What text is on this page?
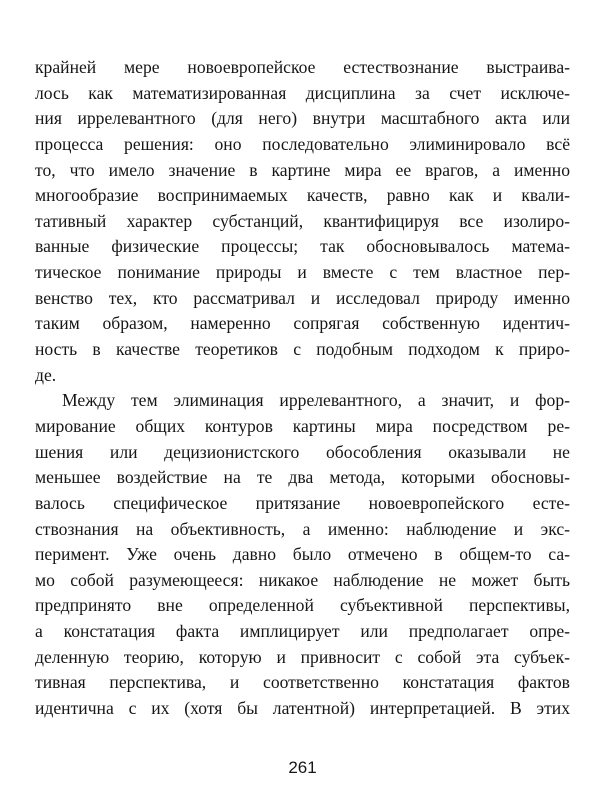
крайней мере новоевропейское естествознание выстраива-
лось как математизированная дисциплина за счет исключе-
ния иррелевантного (для него) внутри масштабного акта или
процесса решения: оно последовательно элиминировало всё
то, что имело значение в картине мира ее врагов, а именно
многообразие воспринимаемых качеств, равно как и квали-
тативный характер субстанций, квантифицируя все изолиро-
ванные физические процессы; так обосновывалось матема-
тическое понимание природы и вместе с тем властное пер-
венство тех, кто рассматривал и исследовал природу именно
таким образом, намеренно сопрягая собственную идентич-
ность в качестве теоретиков с подобным подходом к приро-
де.
Между тем элиминация иррелевантного, а значит, и фор-
мирование общих контуров картины мира посредством ре-
шения или децизионистского обособления оказывали не
меньшее воздействие на те два метода, которыми обосновы-
валось специфическое притязание новоевропейского есте-
ствознания на объективность, а именно: наблюдение и экс-
перимент. Уже очень давно было отмечено в общем-то са-
мо собой разумеющееся: никакое наблюдение не может быть
предпринято вне определенной субъективной перспективы,
а констатация факта имплицирует или предполагает опре-
деленную теорию, которую и привносит с собой эта субъек-
тивная перспектива, и соответственно констатация фактов
идентична с их (хотя бы латентной) интерпретацией. В этих
261
